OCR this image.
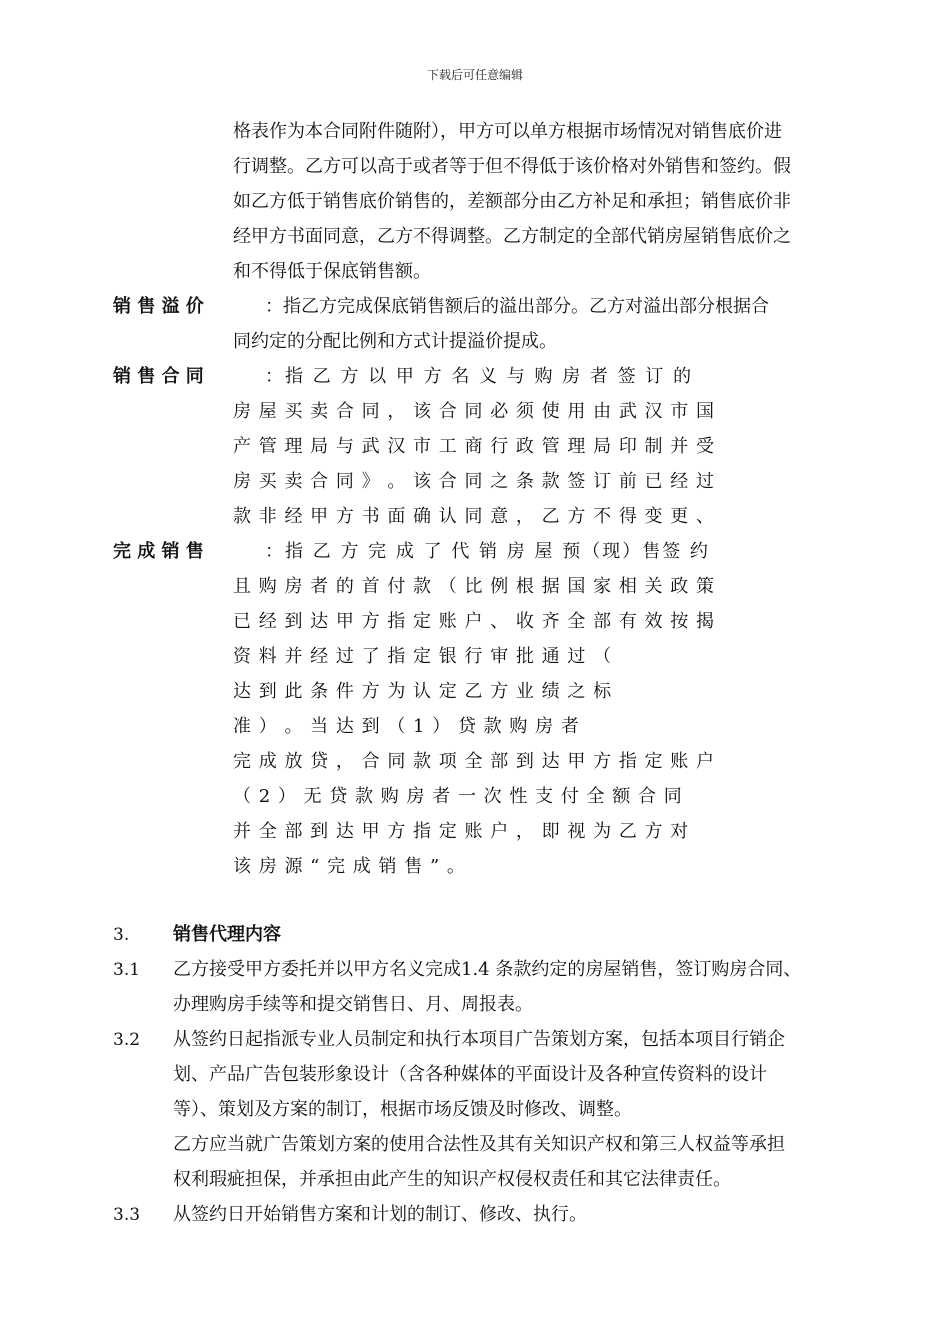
下载后可任意编辑
格表作为本合同附件随附），甲方可以单方根据市场情况对销售底价进
行调整。乙方可以高于或者等于但不得低于该价格对外销售和签约。假
如乙方低于销售底价销售的，差额部分由乙方补足和承担；销售底价非
经甲方书面同意，乙方不得调整。乙方制定的全部代销房屋销售底价之
和不得低于保底销售额。
销 售 溢 价	：指乙方完成保底销售额后的溢出部分。乙方对溢出部分根据合
同约定的分配比例和方式计提溢价提成。
销 售 合 同	：指 乙 方 以 甲 方 名 义 与 购 房 者 签 订 的
房 屋 买 卖 合 同 ， 该 合 同 必 须 使 用 由 武 汉 市 国
产 管 理 局 与 武 汉 市 工 商 行 政 管 理 局 印 制 并 受
房 买 卖 合 同 》 。 该 合 同 之 条 款 签 订 前 已 经 过
款 非 经 甲 方 书 面 确 认 同 意 ， 乙 方 不 得 变 更 、
完 成 销 售	：指 乙 方 完 成 了 代 销 房 屋 预（现）售签 约
且 购 房 者 的 首 付 款 （ 比 例 根 据 国 家 相 关 政 策
已 经 到 达 甲 方 指 定 账 户 、 收 齐 全 部 有 效 按 揭
资 料 并 经 过 了 指 定 银 行 审 批 通 过 （
达 到 此 条 件 方 为 认 定 乙 方 业 绩 之 标
准 ） 。 当 达 到 （ 1 ） 贷 款 购 房 者
完 成 放 贷 ， 合 同 款 项 全 部 到 达 甲 方 指 定 账 户
（ 2 ） 无 贷 款 购 房 者 一 次 性 支 付 全 额 合 同
并 全 部 到 达 甲 方 指 定 账 户 ， 即 视 为 乙 方 对
该 房 源 “ 完 成 销 售 ” 。
3. 销售代理内容
3.1 乙方接受甲方委托并以甲方名义完成1.4 条款约定的房屋销售，签订购房合同、
办理购房手续等和提交销售日、月、周报表。
3.2 从签约日起指派专业人员制定和执行本项目广告策划方案，包括本项目行销企
划、产品广告包装形象设计（含各种媒体的平面设计及各种宣传资料的设计
等）、策划及方案的制订，根据市场反馈及时修改、调整。
乙方应当就广告策划方案的使用合法性及其有关知识产权和第三人权益等承担
权利瑕疵担保，并承担由此产生的知识产权侵权责任和其它法律责任。
3.3 从签约日开始销售方案和计划的制订、修改、执行。
